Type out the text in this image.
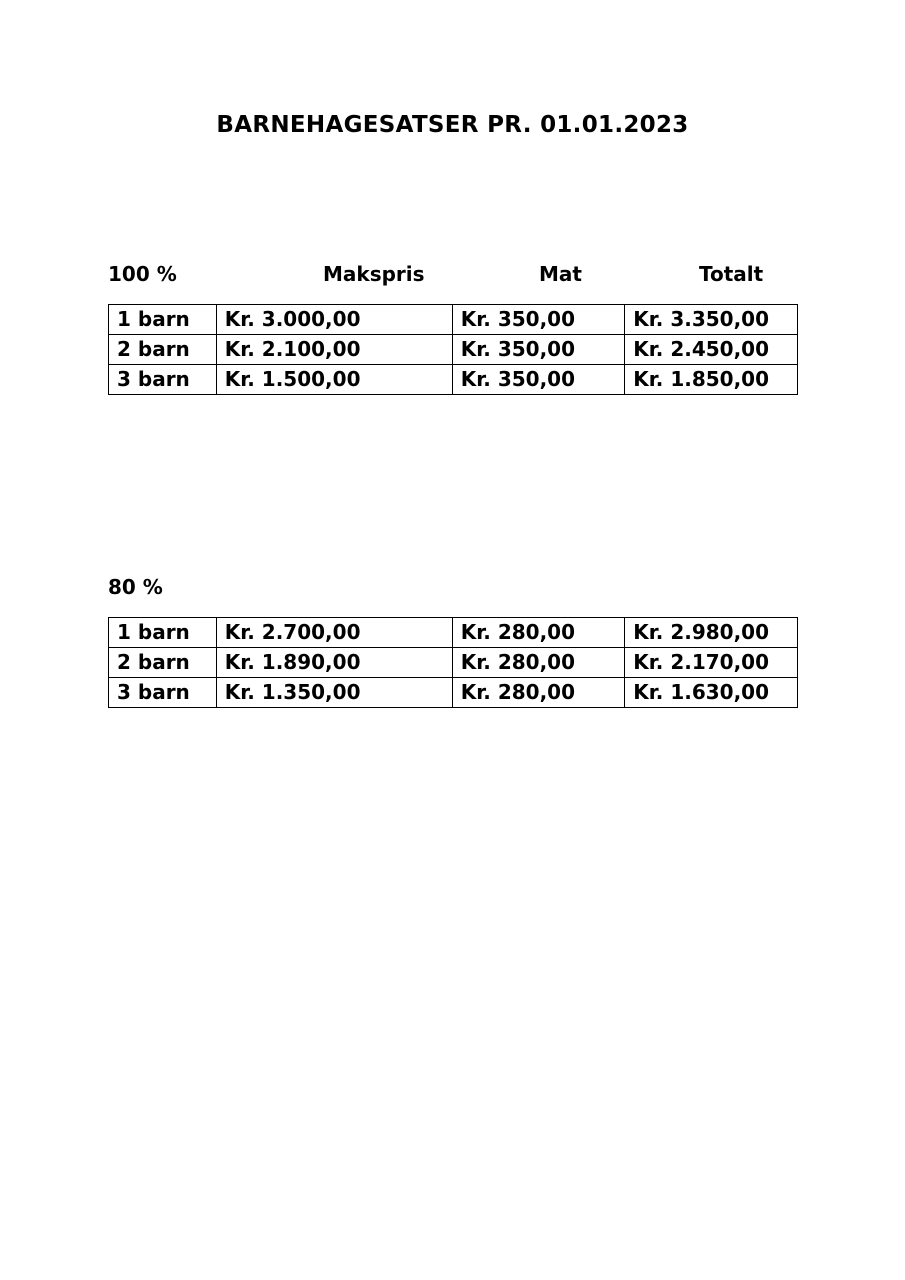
BARNEHAGESATSER PR. 01.01.2023
100 %	Makspris	Mat	Totalt
1 barn	Kr. 3.000,00	Kr. 350,00	Kr. 3.350,00
2 barn	Kr. 2.100,00	Kr. 350,00	Kr. 2.450,00
3 barn	Kr. 1.500,00	Kr. 350,00	Kr. 1.850,00
80 %
1 barn	Kr. 2.700,00	Kr. 280,00	Kr. 2.980,00
2 barn	Kr. 1.890,00	Kr. 280,00	Kr. 2.170,00
3 barn	Kr. 1.350,00	Kr. 280,00	Kr. 1.630,00
